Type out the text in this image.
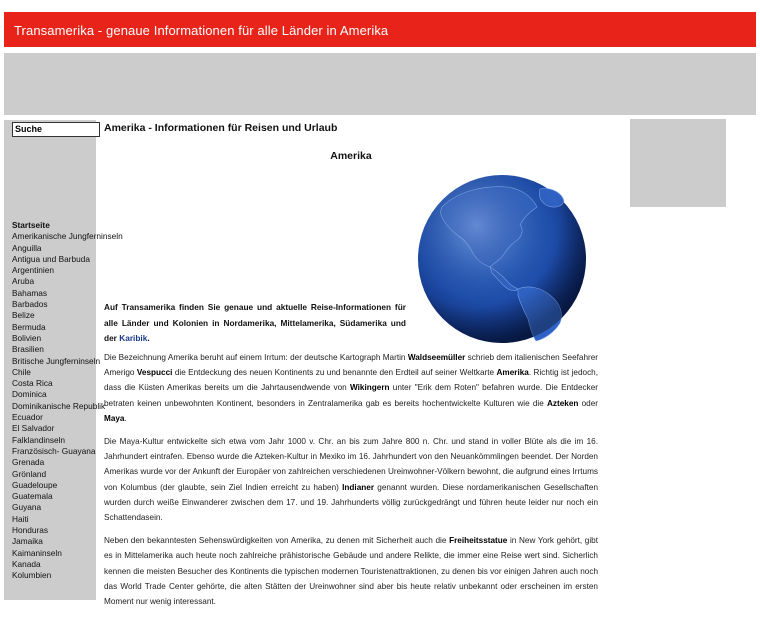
Transamerika - genaue Informationen für alle Länder in Amerika
Suche
Startseite
Amerikanische Jungferninseln
Anguilla
Antigua und Barbuda
Argentinien
Aruba
Bahamas
Barbados
Belize
Bermuda
Bolivien
Brasilien
Britische Jungferninseln
Chile
Costa Rica
Dominica
Dominikanische Republik
Ecuador
El Salvador
Falklandinseln
Französisch- Guayana
Grenada
Grönland
Guadeloupe
Guatemala
Guyana
Haiti
Honduras
Jamaika
Kaimaninseln
Kanada
Kolumbien
Amerika - Informationen für Reisen und Urlaub
Amerika
Auf Transamerika finden Sie genaue und aktuelle Reise-Informationen für alle Länder und Kolonien in Nordamerika, Mittelamerika, Südamerika und der Karibik.

Die Bezeichnung Amerika beruht auf einem Irrtum: der deutsche Kartograph Martin Waldseemüller schrieb dem italienischen Seefahrer Amerigo Vespucci die Entdeckung des neuen Kontinents zu und benannte den Erdteil auf seiner Weltkarte Amerika. Richtig ist jedoch, dass die Küsten Amerikas bereits um die Jahrtausendwende von Wikingern unter "Erik dem Roten" befahren wurde. Die Entdecker betraten keinen unbewohnten Kontinent, besonders in Zentralamerika gab es bereits hochentwickelte Kulturen wie die Azteken oder Maya.

Die Maya-Kultur entwickelte sich etwa vom Jahr 1000 v. Chr. an bis zum Jahre 800 n. Chr. und stand in voller Blüte als die im 16. Jahrhundert eintrafen. Ebenso wurde die Azteken-Kultur in Mexiko im 16. Jahrhundert von den Neuankömmlingen beendet. Der Norden Amerikas wurde vor der Ankunft der Europäer von zahlreichen verschiedenen Ureinwohner-Völkern bewohnt, die aufgrund eines Irrtums von Kolumbus (der glaubte, sein Ziel Indien erreicht zu haben) Indianer genannt wurden. Diese nordamerikanischen Gesellschaften wurden durch weiße Einwanderer zwischen dem 17. und 19. Jahrhunderts völlig zurückgedrängt und führen heute leider nur noch ein Schattendasein.

Neben den bekanntesten Sehenswürdigkeiten von Amerika, zu denen mit Sicherheit auch die Freiheitsstatue in New York gehört, gibt es in Mittelamerika auch heute noch zahlreiche prähistorische Gebäude und andere Relikte, die immer eine Reise wert sind. Sicherlich kennen die meisten Besucher des Kontinents die typischen modernen Touristenattraktionen, zu denen bis vor einigen Jahren auch noch das World Trade Center gehörte, die alten Stätten der Ureinwohner sind aber bis heute relativ unbekannt oder erscheinen im ersten Moment nur wenig interessant.
